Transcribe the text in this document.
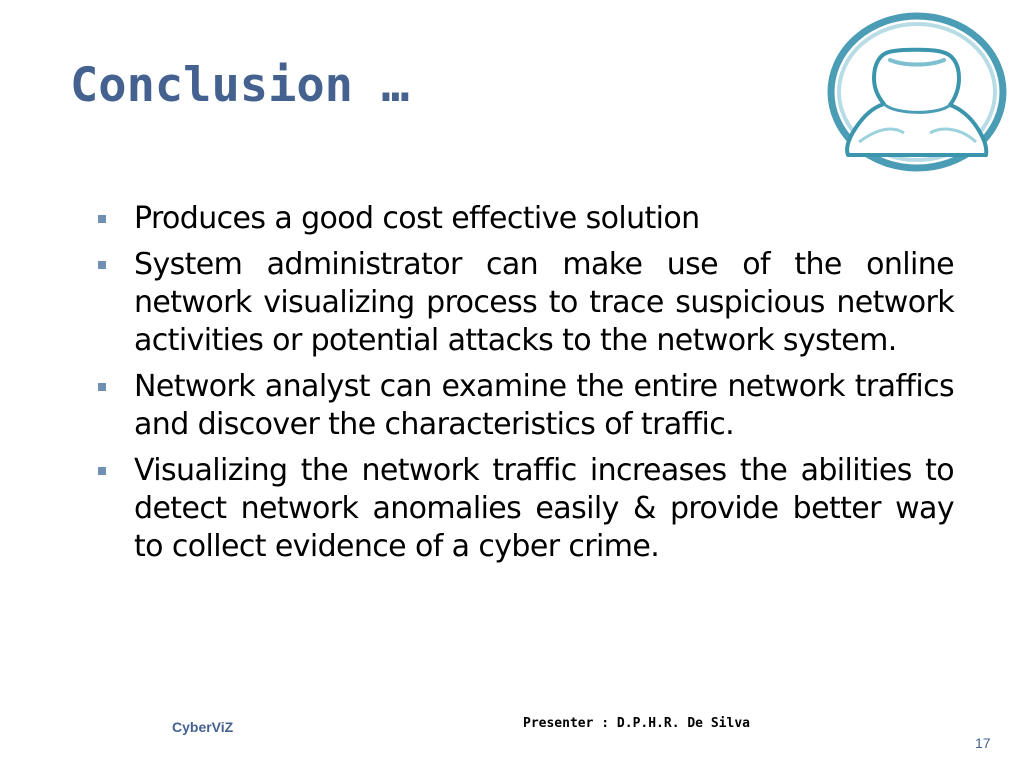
Conclusion …
Produces a good cost effective solution
System administrator can make use of the online network visualizing process to trace suspicious network activities or potential attacks to the network system.
Network analyst can examine the entire network traffics and discover the characteristics of traffic.
Visualizing the network traffic increases the abilities to detect network anomalies easily & provide better way to collect evidence of a cyber crime.
CyberViZ	Presenter : D.P.H.R. De Silva
17
